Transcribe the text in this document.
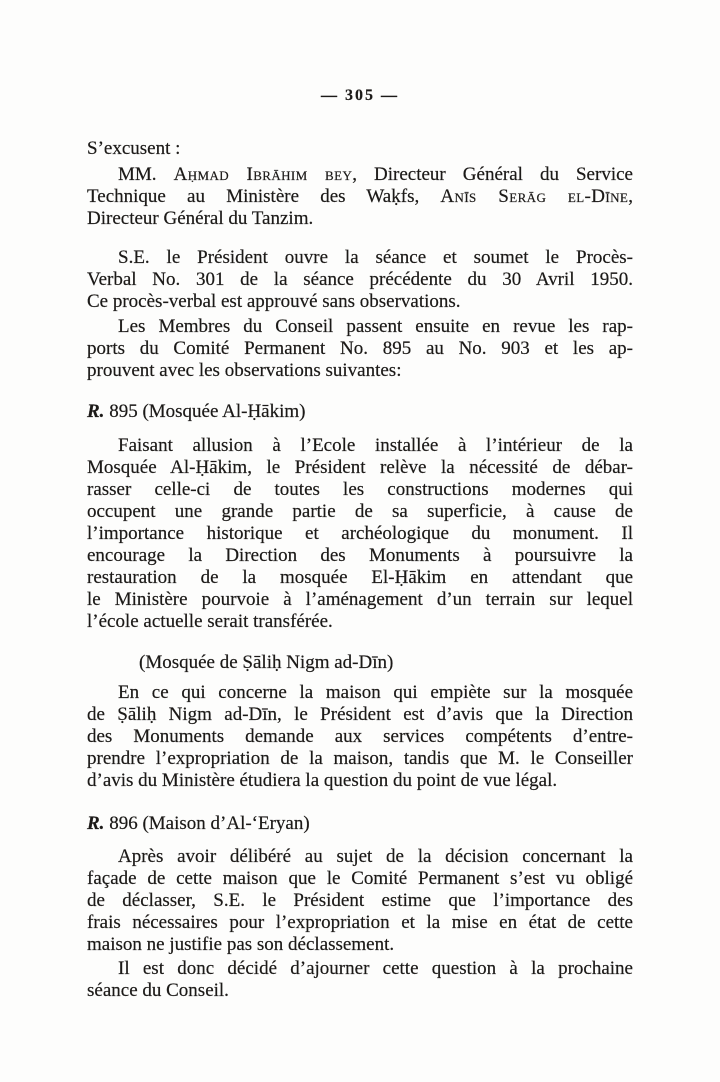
— 305 —
S’excusent :
MM. Aḥmad Ibrāhim bey, Directeur Général du Service
Technique au Ministère des Waḳfs, Anīs Serāg el-Dīne,
Directeur Général du Tanzim.
S.E. le Président ouvre la séance et soumet le Procès-
Verbal No. 301 de la séance précédente du 30 Avril 1950.
Ce procès-verbal est approuvé sans observations.
Les Membres du Conseil passent ensuite en revue les rap-
ports du Comité Permanent No. 895 au No. 903 et les ap-
prouvent avec les observations suivantes:
R. 895 (Mosquée Al-Ḥākim)
Faisant allusion à l’Ecole installée à l’intérieur de la
Mosquée Al-Ḥākim, le Président relève la nécessité de débar-
rasser celle-ci de toutes les constructions modernes qui
occupent une grande partie de sa superficie, à cause de
l’importance historique et archéologique du monument. Il
encourage la Direction des Monuments à poursuivre la
restauration de la mosquée El-Ḥākim en attendant que
le Ministère pourvoie à l’aménagement d’un terrain sur lequel
l’école actuelle serait transférée.
(Mosquée de Ṣāliḥ Nigm ad-Dīn)
En ce qui concerne la maison qui empiète sur la mosquée
de Ṣāliḥ Nigm ad-Dīn, le Président est d’avis que la Direction
des Monuments demande aux services compétents d’entre-
prendre l’expropriation de la maison, tandis que M. le Conseiller
d’avis du Ministère étudiera la question du point de vue légal.
R. 896 (Maison d’Al-‘Eryan)
Après avoir délibéré au sujet de la décision concernant la
façade de cette maison que le Comité Permanent s’est vu obligé
de déclasser, S.E. le Président estime que l’importance des
frais nécessaires pour l’expropriation et la mise en état de cette
maison ne justifie pas son déclassement.
Il est donc décidé d’ajourner cette question à la prochaine
séance du Conseil.
